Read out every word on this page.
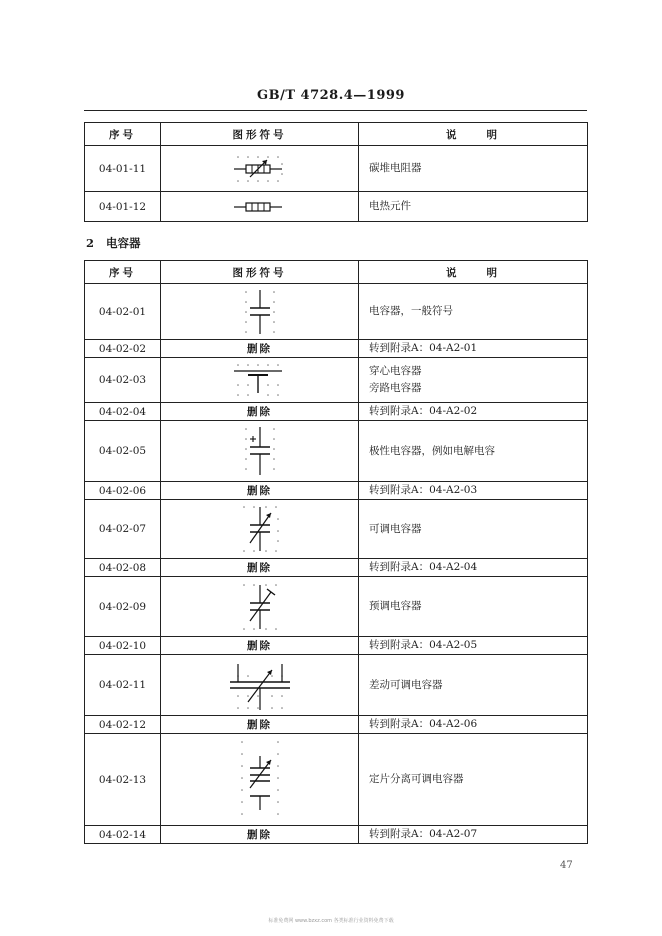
GB/T 4728.4—1999
序号	图形符号	说　　明
04-01-11		碳堆电阻器
04-01-12		电热元件
2 电容器
序号	图形符号	说　　明
04-02-01		电容器，一般符号
04-02-02	删除	转到附录A：04-A2-01
04-02-03		穿心电容器
旁路电容器
04-02-04	删除	转到附录A：04-A2-02
04-02-05		极性电容器，例如电解电容
04-02-06	删除	转到附录A：04-A2-03
04-02-07		可调电容器
04-02-08	删除	转到附录A：04-A2-04
04-02-09		预调电容器
04-02-10	删除	转到附录A：04-A2-05
04-02-11		差动可调电容器
04-02-12	删除	转到附录A：04-A2-06
04-02-13		定片分离可调电容器
04-02-14	删除	转到附录A：04-A2-07
47
标准免费网 www.bzxz.com 各类标准行业资料免费下载
